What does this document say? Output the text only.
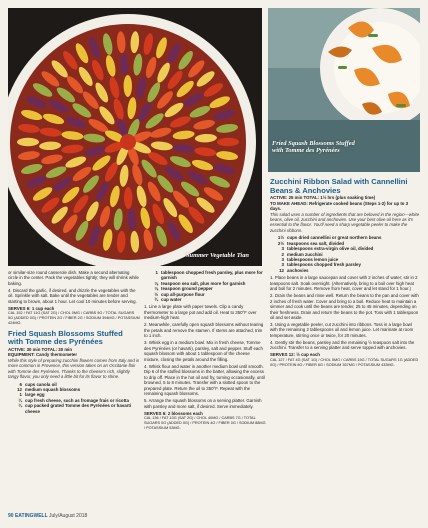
Summer Vegetable Tian
Fried Squash Blossoms Stuffed
with Tomme des Pyrénées

or similar-size round casserole dish. Make a second alternating circle in the center. Pack the vegetables tightly; they will shrink while baking.

4. Discard the garlic, if desired, and drizzle the vegetables with the oil. Sprinkle with salt. Bake until the vegetables are tender and starting to brown, about 1 hour. Let cool 10 minutes before serving.

SERVES 6: 1 cup each
CAL 152 / FAT 11G (SAT 2G) / CHOL 0MG / CARBS 9G / TOTAL SUGARS 5G (ADDED 0G) / PROTEIN 2G / FIBER 2G / SODIUM 394MG / POTASSIUM 424MG.
Fried Squash Blossoms Stuffed with Tomme des Pyrénées
ACTIVE: 30 min TOTAL: 30 min
EQUIPMENT: Candy thermometer
While this style of preparing zucchini flowers comes from Italy and is more common in Provence, this version takes on an Occitanie flair with Tomme des Pyrénées. Thanks to the cheese's rich, slightly tangy flavor, you only need a little bit for its flavor to shine.
6 cups canola oil
12 medium squash blossoms
1 large egg
¼ cup fresh cheese, such as fromage frais or ricotta
¼ cup packed grated Tomme des Pyrénées or havarti cheese
1 tablespoon chopped fresh parsley, plus more for garnish
⅛ teaspoon sea salt, plus more for garnish
⅛ teaspoon ground pepper
½ cup all-purpose flour
¾ cup water

1. Line a large plate with paper towels. Clip a candy thermometer to a large pot and add oil. Heat to 350°F over medium-high heat.

2. Meanwhile, carefully open squash blossoms without tearing the petals and remove the stamen. If stems are attached, trim to 1 inch.

3. Whisk egg in a medium bowl. Mix in fresh cheese, Tomme des Pyrénées (or havarti), parsley, salt and pepper. Stuff each squash blossom with about 1 tablespoon of the cheese mixture, closing the petals around the filling.

4. Whisk flour and water in another medium bowl until smooth. Dip 6 of the stuffed blossoms in the batter, allowing the excess to drip off. Place in the hot oil and fry, turning occasionally, until browned, 5 to 8 minutes. Transfer with a slotted spoon to the prepared plate. Return the oil to 350°F. Repeat with the remaining squash blossoms.

5. Arrange the squash blossoms on a serving platter. Garnish with parsley and more salt, if desired. Serve immediately.

SERVES 6: 2 blossoms each
CAL 136 / FAT 10G (SAT 2G) / CHOL 40MG / CARBS 7G / TOTAL SUGARS 0G (ADDED 0G) / PROTEIN 4G / FIBER 0G / SODIUM 88MG / POTASSIUM 53MG.
Zucchini Ribbon Salad with Cannellini Beans & Anchovies
ACTIVE: 25 min TOTAL: 1½ hrs (plus soaking time)
TO MAKE AHEAD: Refrigerate cooked beans (Steps 1-2) for up to 3 days.
This salad uses a number of ingredients that are beloved in the region—white beans, olive oil, zucchini and anchovies. Use your best olive oil here as it's essential to the flavor. You'll need a sharp vegetable peeler to make the zucchini ribbons.
1½ cups dried cannellini or great northern beans
2½ teaspoons sea salt, divided
3 tablespoons extra-virgin olive oil, divided
2 medium zucchini
3 tablespoons lemon juice
3 tablespoons chopped fresh parsley
12 anchovies

1. Place beans in a large saucepan and cover with 2 inches of water; stir in 2 teaspoons salt. Soak overnight. (Alternatively, bring to a boil over high heat and boil for 2 minutes. Remove from heat, cover and let stand for 1 hour.)

2. Drain the beans and rinse well. Return the beans to the pan and cover with 2 inches of fresh water. Cover and bring to a boil. Reduce heat to maintain a simmer and cook until the beans are tender, 25 to 45 minutes, depending on their freshness. Drain and return the beans to the pot. Toss with 1 tablespoon oil and set aside.

3. Using a vegetable peeler, cut zucchini into ribbons. Toss in a large bowl with the remaining 2 tablespoons oil and lemon juice. Let marinate at room temperature, stirring once or twice, for 20 minutes.

4. Gently stir the beans, parsley and the remaining ½ teaspoon salt into the zucchini. Transfer to a serving platter and serve topped with anchovies.

SERVES 12: ½ cup each
CAL 127 / FAT 4G (SAT 1G) / CHOL 5MG / CARBS 15G / TOTAL SUGARS 1G (ADDED 0G) / PROTEIN 8G / FIBER 6G / SODIUM 357MG / POTASSIUM 433MG.
90 EATINGWELL July/August 2018
